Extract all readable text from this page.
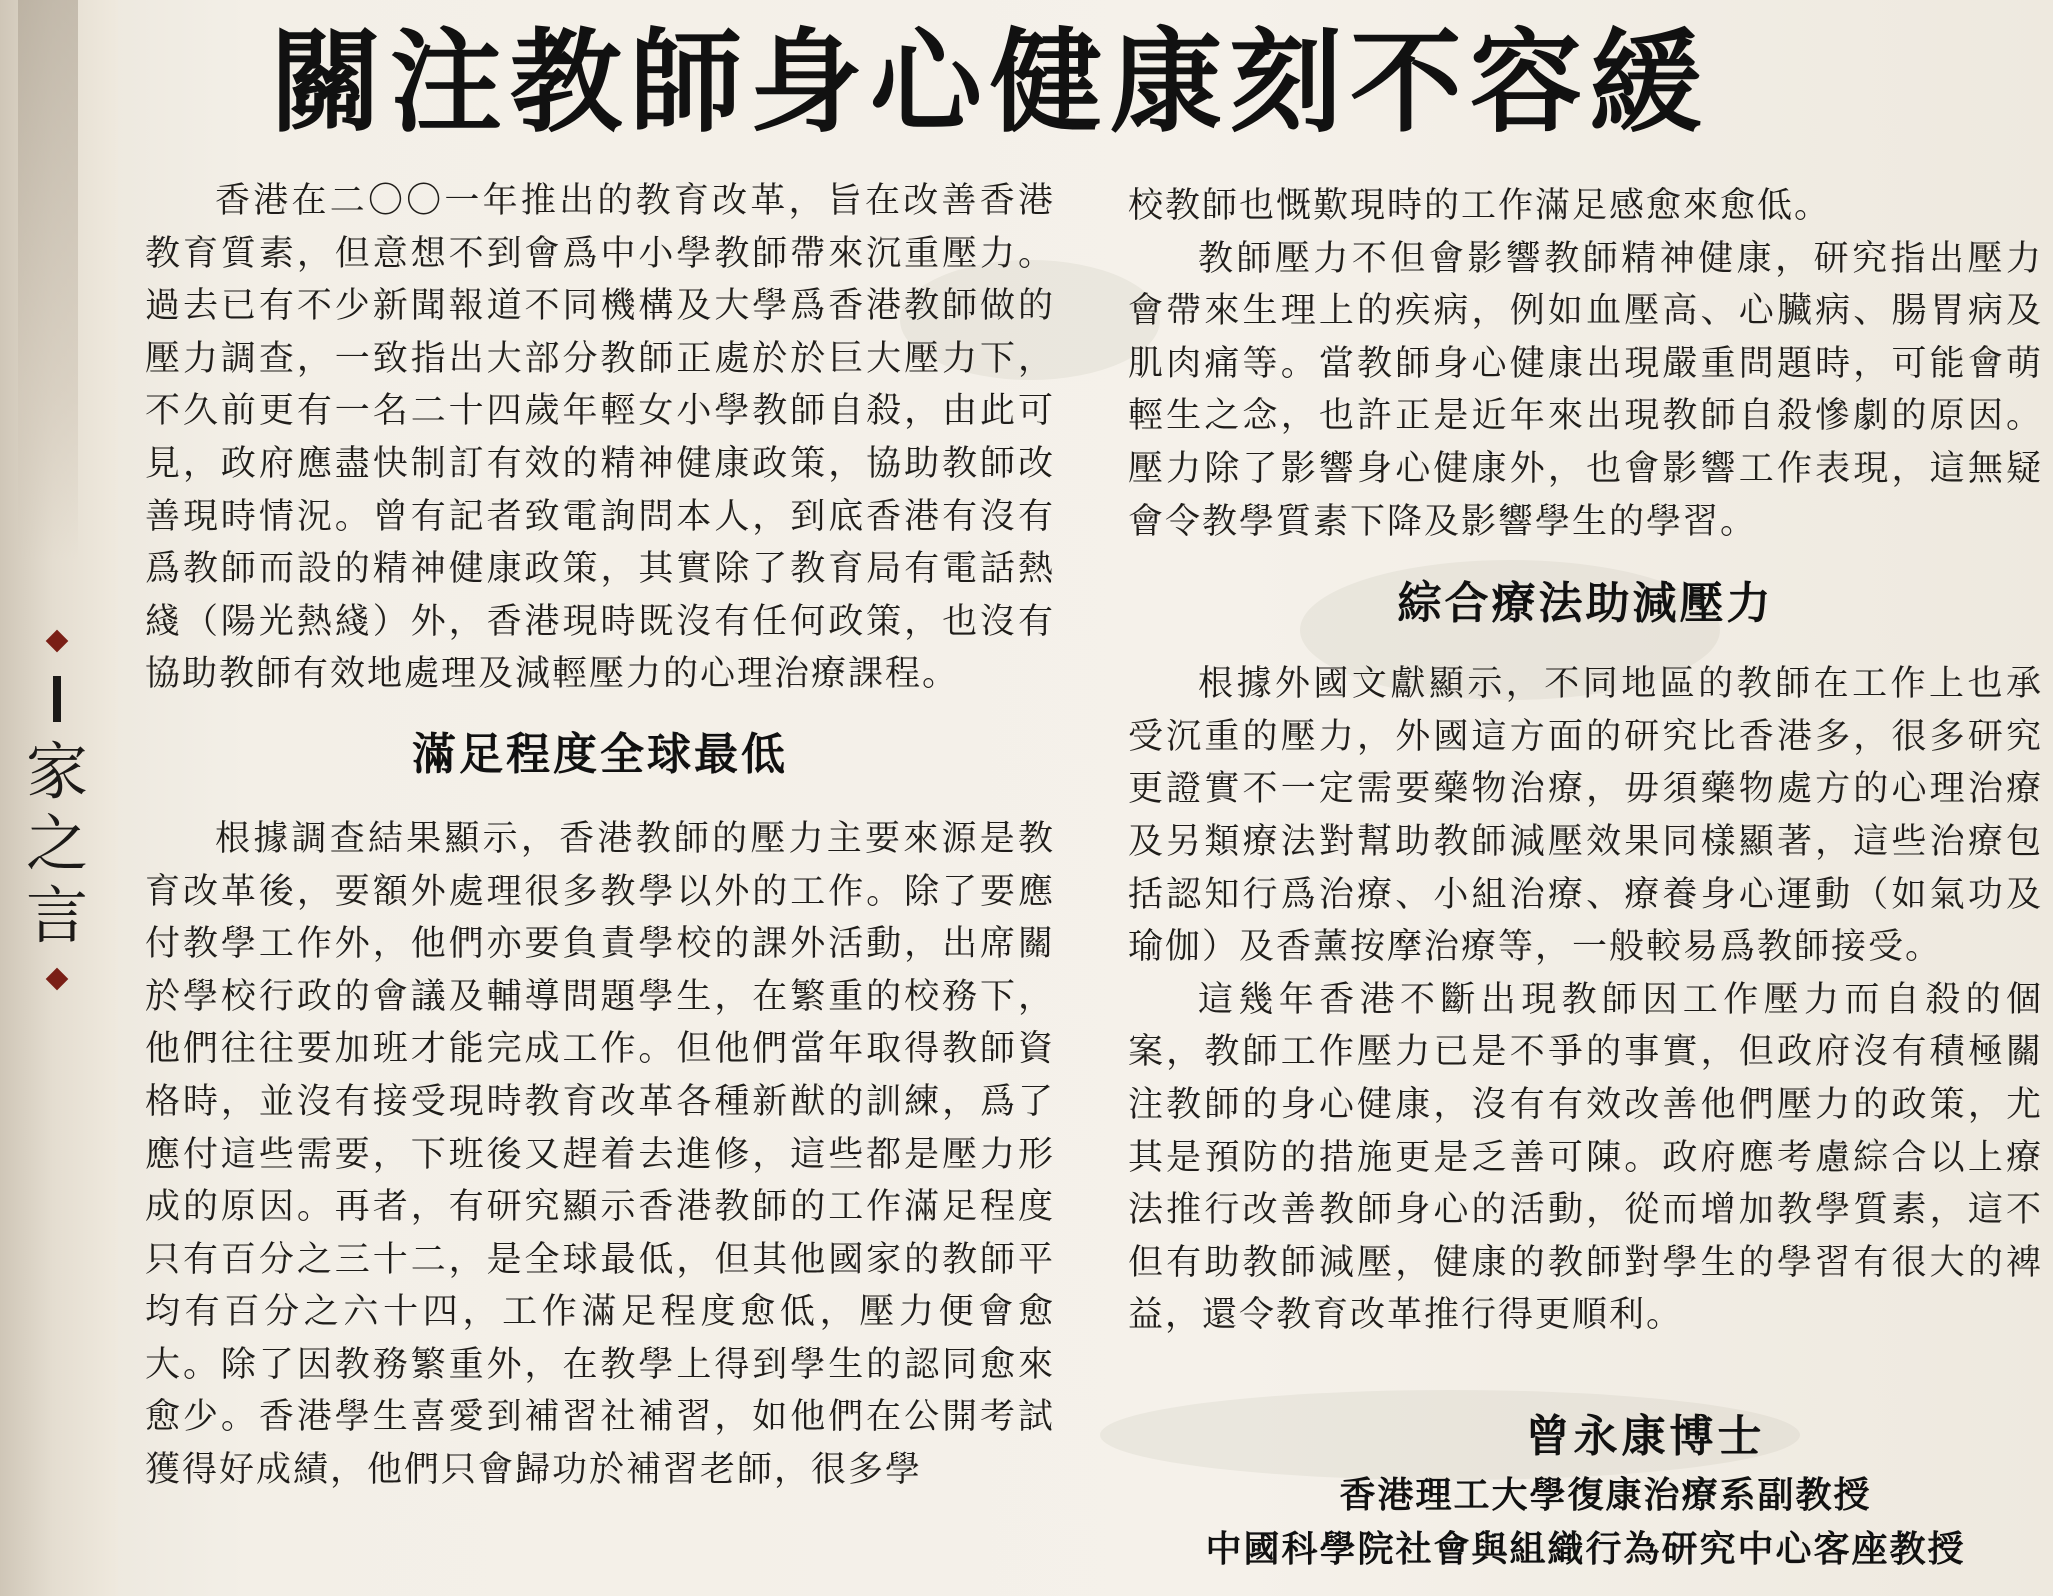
家
之
言
關注教師身心健康刻不容緩

香港在二〇〇一年推出的教育改革，旨在改善香港教育質素，但意想不到會爲中小學教師帶來沉重壓力。過去已有不少新聞報道不同機構及大學爲香港教師做的壓力調查，一致指出大部分教師正處於於巨大壓力下，不久前更有一名二十四歲年輕女小學教師自殺，由此可見，政府應盡快制訂有效的精神健康政策，協助教師改善現時情況。曾有記者致電詢問本人，到底香港有沒有爲教師而設的精神健康政策，其實除了教育局有電話熱綫（陽光熱綫）外，香港現時既沒有任何政策，也沒有協助教師有效地處理及減輕壓力的心理治療課程。

滿足程度全球最低

根據調查結果顯示，香港教師的壓力主要來源是教育改革後，要額外處理很多教學以外的工作。除了要應付教學工作外，他們亦要負責學校的課外活動，出席關於學校行政的會議及輔導問題學生，在繁重的校務下，他們往往要加班才能完成工作。但他們當年取得教師資格時，並沒有接受現時教育改革各種新猷的訓練，爲了應付這些需要，下班後又趕着去進修，這些都是壓力形成的原因。再者，有研究顯示香港教師的工作滿足程度只有百分之三十二，是全球最低，但其他國家的教師平均有百分之六十四，工作滿足程度愈低，壓力便會愈大。除了因教務繁重外，在教學上得到學生的認同愈來愈少。香港學生喜愛到補習社補習，如他們在公開考試獲得好成績，他們只會歸功於補習老師，很多學

校教師也慨歎現時的工作滿足感愈來愈低。

教師壓力不但會影響教師精神健康，研究指出壓力會帶來生理上的疾病，例如血壓高、心臟病、腸胃病及肌肉痛等。當教師身心健康出現嚴重問題時，可能會萌輕生之念，也許正是近年來出現教師自殺慘劇的原因。壓力除了影響身心健康外，也會影響工作表現，這無疑會令教學質素下降及影響學生的學習。

綜合療法助減壓力

根據外國文獻顯示，不同地區的教師在工作上也承受沉重的壓力，外國這方面的研究比香港多，很多研究更證實不一定需要藥物治療，毋須藥物處方的心理治療及另類療法對幫助教師減壓效果同樣顯著，這些治療包括認知行爲治療、小組治療、療養身心運動（如氣功及瑜伽）及香薰按摩治療等，一般較易爲教師接受。

這幾年香港不斷出現教師因工作壓力而自殺的個案，教師工作壓力已是不爭的事實，但政府沒有積極關注教師的身心健康，沒有有效改善他們壓力的政策，尤其是預防的措施更是乏善可陳。政府應考慮綜合以上療法推行改善教師身心的活動，從而增加教學質素，這不但有助教師減壓，健康的教師對學生的學習有很大的裨益，還令教育改革推行得更順利。

曾永康博士
香港理工大學復康治療系副教授
中國科學院社會與組織行為研究中心客座教授
